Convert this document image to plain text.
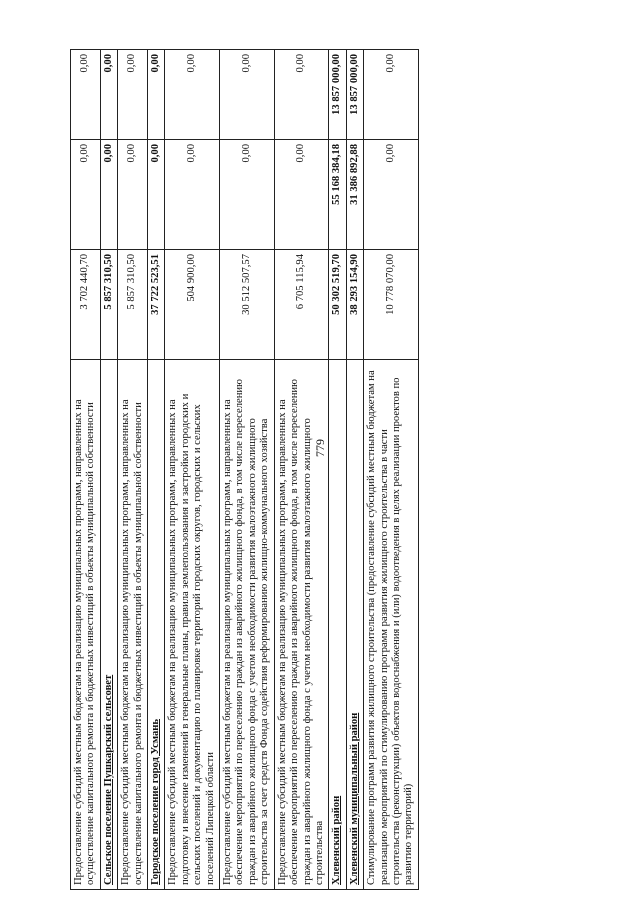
779
Предоставление субсидий местным бюджетам на реализацию муниципальных программ, направленных на осуществление капитального ремонта и бюджетных инвестиций в объекты муниципальной собственности	3 702 440,70	0,00	0,00
Сельское поселение Пушкарский сельсовет	5 857 310,50	0,00	0,00
Предоставление субсидий местным бюджетам на реализацию муниципальных программ, направленных на осуществление капитального ремонта и бюджетных инвестиций в объекты муниципальной собственности	5 857 310,50	0,00	0,00
Городское поселение город Усмань	37 722 523,51	0,00	0,00
Предоставление субсидий местным бюджетам на реализацию муниципальных программ, направленных на подготовку и внесение изменений в генеральные планы, правила землепользования и застройки городских и сельских поселений и документацию по планировке территорий городских округов, городских и сельских поселений Липецкой области	504 900,00	0,00	0,00
Предоставление субсидий местным бюджетам на реализацию муниципальных программ, направленных на обеспечение мероприятий по переселению граждан из аварийного жилищного фонда, в том числе переселению граждан из аварийного жилищного фонда с учетом необходимости развития малоэтажного жилищного строительства за счет средств Фонда содействия реформированию жилищно-коммунального хозяйства	30 512 507,57	0,00	0,00
Предоставление субсидий местным бюджетам на реализацию муниципальных программ, направленных на обеспечение мероприятий по переселению граждан из аварийного жилищного фонда, в том числе переселению граждан из аварийного жилищного фонда с учетом необходимости развития малоэтажного жилищного строительства	6 705 115,94	0,00	0,00
Хлевенский район	50 302 519,70	55 168 384,18	13 857 000,00
Хлевенский муниципальный район	38 293 154,90	31 386 892,88	13 857 000,00
Стимулирование программ развития жилищного строительства (предоставление субсидий местным бюджетам на реализацию мероприятий по стимулированию программ развития жилищного строительства в части строительства (реконструкции) объектов водоснабжения и (или) водоотведения в целях реализации проектов по развитию территорий)	10 778 070,00	0,00	0,00
